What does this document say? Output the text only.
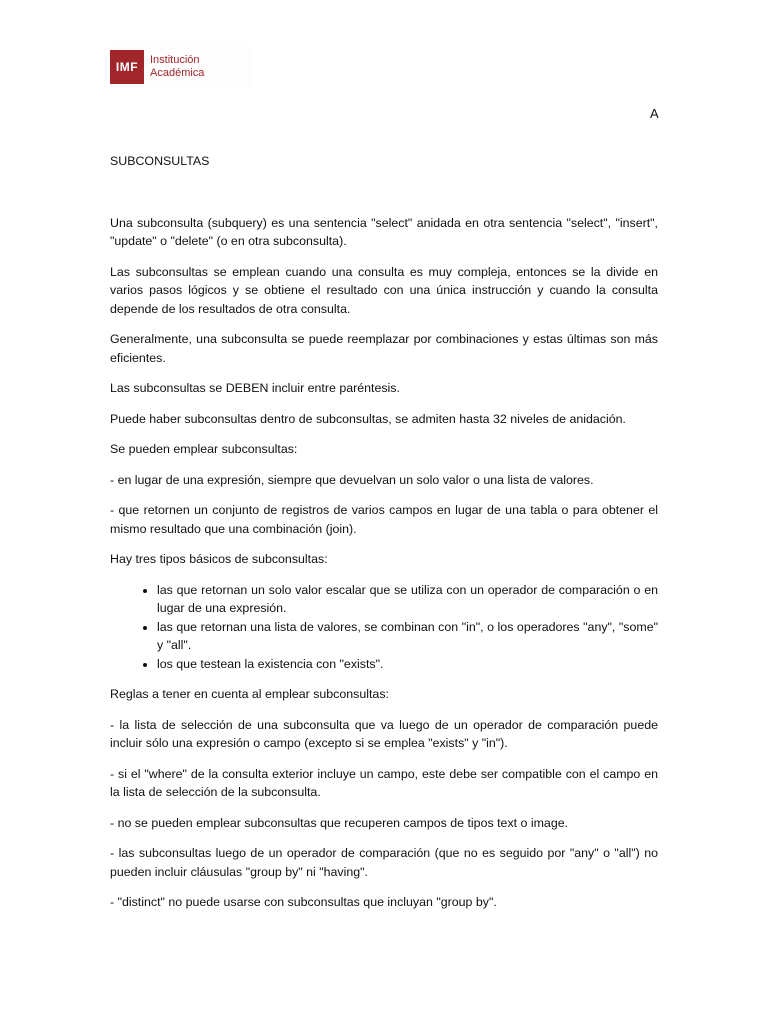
IMF	Institución
Académica
A
SUBCONSULTAS

Una subconsulta (subquery) es una sentencia "select" anidada en otra sentencia "select", "insert", "update" o "delete" (o en otra subconsulta).

Las subconsultas se emplean cuando una consulta es muy compleja, entonces se la divide en varios pasos lógicos y se obtiene el resultado con una única instrucción y cuando la consulta depende de los resultados de otra consulta.

Generalmente, una subconsulta se puede reemplazar por combinaciones y estas últimas son más eficientes.

Las subconsultas se DEBEN incluir entre paréntesis.

Puede haber subconsultas dentro de subconsultas, se admiten hasta 32 niveles de anidación.

Se pueden emplear subconsultas:

- en lugar de una expresión, siempre que devuelvan un solo valor o una lista de valores.

- que retornen un conjunto de registros de varios campos en lugar de una tabla o para obtener el mismo resultado que una combinación (join).

Hay tres tipos básicos de subconsultas:

• las que retornan un solo valor escalar que se utiliza con un operador de comparación o en lugar de una expresión.
• las que retornan una lista de valores, se combinan con "in", o los operadores "any", "some" y "all".
• los que testean la existencia con "exists".

Reglas a tener en cuenta al emplear subconsultas:

- la lista de selección de una subconsulta que va luego de un operador de comparación puede incluir sólo una expresión o campo (excepto si se emplea "exists" y "in").

- si el "where" de la consulta exterior incluye un campo, este debe ser compatible con el campo en la lista de selección de la subconsulta.

- no se pueden emplear subconsultas que recuperen campos de tipos text o image.

- las subconsultas luego de un operador de comparación (que no es seguido por "any" o "all") no pueden incluir cláusulas "group by" ni "having".

- "distinct" no puede usarse con subconsultas que incluyan "group by".
